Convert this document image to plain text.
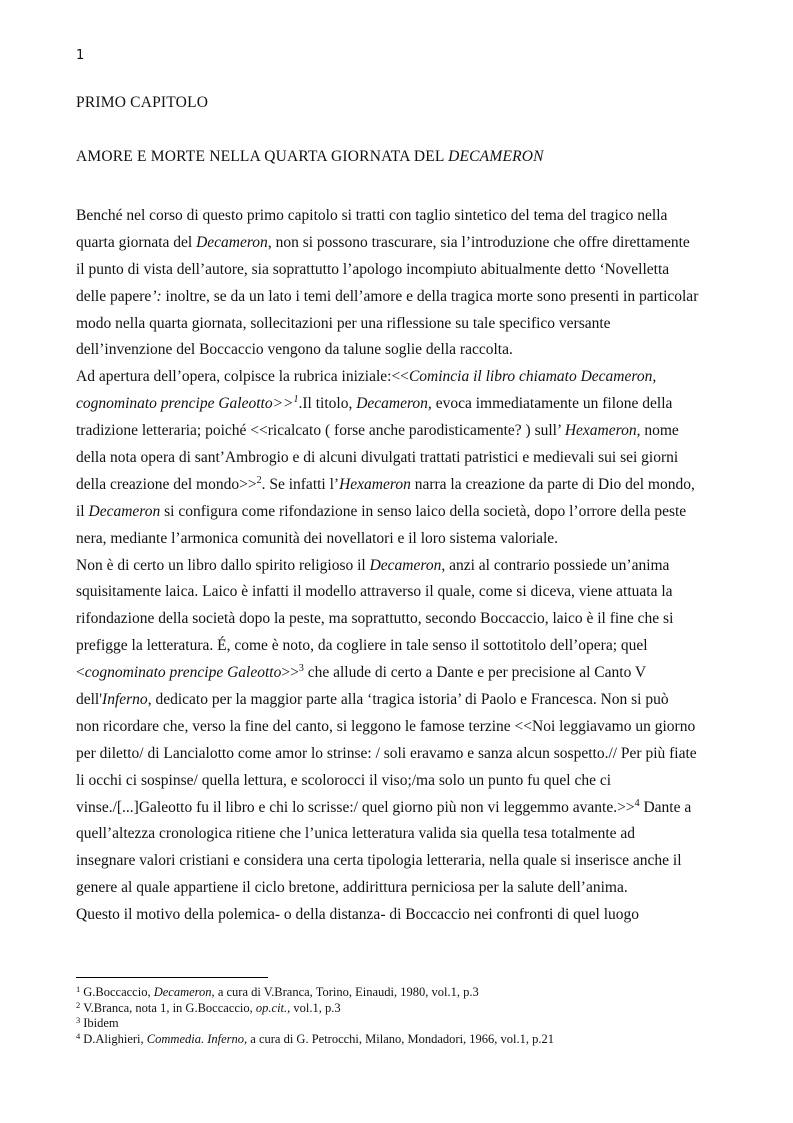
1
PRIMO CAPITOLO
AMORE E MORTE NELLA QUARTA GIORNATA DEL DECAMERON
Benché nel corso di questo primo capitolo si tratti con taglio sintetico del tema del tragico nella
quarta giornata del Decameron, non si possono trascurare, sia l’introduzione che offre direttamente
il punto di vista dell’autore, sia soprattutto l’apologo incompiuto abitualmente detto ‘Novelletta
delle papere’: inoltre, se da un lato i temi dell’amore e della tragica morte sono presenti in particolar
modo nella quarta giornata, sollecitazioni per una riflessione su tale specifico versante
dell’invenzione del Boccaccio vengono da talune soglie della raccolta.
Ad apertura dell’opera, colpisce la rubrica iniziale:<<Comincia il libro chiamato Decameron,
cognominato prencipe Galeotto>>$^1$.Il titolo, Decameron, evoca immediatamente un filone della
tradizione letteraria; poiché <<ricalcato ( forse anche parodisticamente? ) sull’ Hexameron, nome
della nota opera di sant’Ambrogio e di alcuni divulgati trattati patristici e medievali sui sei giorni
della creazione del mondo>>$^2$. Se infatti l’Hexameron narra la creazione da parte di Dio del mondo,
il Decameron si configura come rifondazione in senso laico della società, dopo l’orrore della peste
nera, mediante l’armonica comunità dei novellatori e il loro sistema valoriale.
Non è di certo un libro dallo spirito religioso il Decameron, anzi al contrario possiede un’anima
squisitamente laica. Laico è infatti il modello attraverso il quale, come si diceva, viene attuata la
rifondazione della società dopo la peste, ma soprattutto, secondo Boccaccio, laico è il fine che si
prefigge la letteratura. É, come è noto, da cogliere in tale senso il sottotitolo dell’opera; quel
<cognominato prencipe Galeotto>>$^3$ che allude di certo a Dante e per precisione al Canto V
dell'Inferno, dedicato per la maggior parte alla ‘tragica istoria’ di Paolo e Francesca. Non si può
non ricordare che, verso la fine del canto, si leggono le famose terzine <<Noi leggiavamo un giorno
per diletto/ di Lancialotto come amor lo strinse: / soli eravamo e sanza alcun sospetto.// Per più fiate
li occhi ci sospinse/ quella lettura, e scolorocci il viso;/ma solo un punto fu quel che ci
vinse./[...]Galeotto fu il libro e chi lo scrisse:/ quel giorno più non vi leggemmo avante.>>$^4$ Dante a
quell’altezza cronologica ritiene che l’unica letteratura valida sia quella tesa totalmente ad
insegnare valori cristiani e considera una certa tipologia letteraria, nella quale si inserisce anche il
genere al quale appartiene il ciclo bretone, addirittura perniciosa per la salute dell’anima.
Questo il motivo della polemica- o della distanza- di Boccaccio nei confronti di quel luogo
$^1$ G.Boccaccio, Decameron, a cura di V.Branca, Torino, Einaudi, 1980, vol.1, p.3
$^2$ V.Branca, nota 1, in G.Boccaccio, op.cit., vol.1, p.3
$^3$ Ibidem
$^4$ D.Alighieri, Commedia. Inferno, a cura di G. Petrocchi, Milano, Mondadori, 1966, vol.1, p.21
